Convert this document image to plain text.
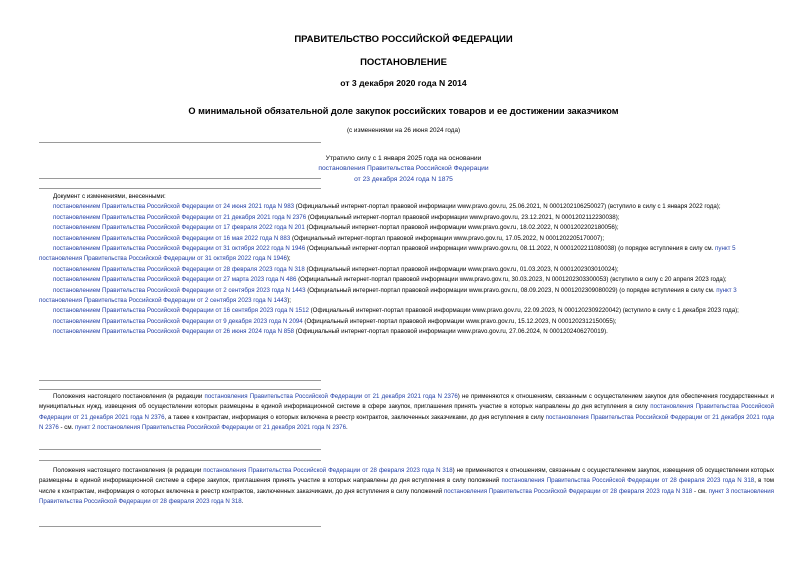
ПРАВИТЕЛЬСТВО РОССИЙСКОЙ ФЕДЕРАЦИИ
ПОСТАНОВЛЕНИЕ
от 3 декабря 2020 года N 2014
О минимальной обязательной доле закупок российских товаров и ее достижении заказчиком
(с изменениями на 26 июня 2024 года)
Утратило силу с 1 января 2025 года на основании
постановления Правительства Российской Федерации
от 23 декабря 2024 года N 1875

Документ с изменениями, внесенными:

постановлением Правительства Российской Федерации от 24 июня 2021 года N 983 (Официальный интернет-портал правовой информации www.pravo.gov.ru, 25.06.2021, N 0001202106250027) (вступило в силу с 1 января 2022 года);

постановлением Правительства Российской Федерации от 21 декабря 2021 года N 2376 (Официальный интернет-портал правовой информации www.pravo.gov.ru, 23.12.2021, N 0001202112230038);

постановлением Правительства Российской Федерации от 17 февраля 2022 года N 201 (Официальный интернет-портал правовой информации www.pravo.gov.ru, 18.02.2022, N 0001202202180056);

постановлением Правительства Российской Федерации от 16 мая 2022 года N 883 (Официальный интернет-портал правовой информации www.pravo.gov.ru, 17.05.2022, N 0001202205170007);

постановлением Правительства Российской Федерации от 31 октября 2022 года N 1946 (Официальный интернет-портал правовой информации www.pravo.gov.ru, 08.11.2022, N 0001202211080038) (о порядке вступления в силу см. пункт 5 постановления Правительства Российской Федерации от 31 октября 2022 года N 1946);

постановлением Правительства Российской Федерации от 28 февраля 2023 года N 318 (Официальный интернет-портал правовой информации www.pravo.gov.ru, 01.03.2023, N 0001202303010024);

постановлением Правительства Российской Федерации от 27 марта 2023 года N 486 (Официальный интернет-портал правовой информации www.pravo.gov.ru, 30.03.2023, N 0001202303300053) (вступило в силу с 20 апреля 2023 года);

постановлением Правительства Российской Федерации от 2 сентября 2023 года N 1443 (Официальный интернет-портал правовой информации www.pravo.gov.ru, 08.09.2023, N 0001202309080029) (о порядке вступления в силу см. пункт 3 постановления Правительства Российской Федерации от 2 сентября 2023 года N 1443);

постановлением Правительства Российской Федерации от 16 сентября 2023 года N 1512 (Официальный интернет-портал правовой информации www.pravo.gov.ru, 22.09.2023, N 0001202309220042) (вступило в силу с 1 декабря 2023 года);

постановлением Правительства Российской Федерации от 9 декабря 2023 года N 2094 (Официальный интернет-портал правовой информации www.pravo.gov.ru, 15.12.2023, N 0001202312150055);

постановлением Правительства Российской Федерации от 26 июня 2024 года N 858 (Официальный интернет-портал правовой информации www.pravo.gov.ru, 27.06.2024, N 0001202406270019).

Положения настоящего постановления (в редакции постановления Правительства Российской Федерации от 21 декабря 2021 года N 2376) не применяются к отношениям, связанным с осуществлением закупок для обеспечения государственных и муниципальных нужд, извещения об осуществлении которых размещены в единой информационной системе в сфере закупок, приглашения принять участие в которых направлены до дня вступления в силу постановления Правительства Российской Федерации от 21 декабря 2021 года N 2376, а также к контрактам, информация о которых включена в реестр контрактов, заключенных заказчиками, до дня вступления в силу постановления Правительства Российской Федерации от 21 декабря 2021 года N 2376 - см. пункт 2 постановления Правительства Российской Федерации от 21 декабря 2021 года N 2376.

Положения настоящего постановления (в редакции постановления Правительства Российской Федерации от 28 февраля 2023 года N 318) не применяются к отношениям, связанным с осуществлением закупок, извещения об осуществлении которых размещены в единой информационной системе в сфере закупок, приглашения принять участие в которых направлены до дня вступления в силу положений постановления Правительства Российской Федерации от 28 февраля 2023 года N 318, в том числе к контрактам, информация о которых включена в реестр контрактов, заключенных заказчиками, до дня вступления в силу положений постановления Правительства Российской Федерации от 28 февраля 2023 года N 318 - см. пункт 3 постановления Правительства Российской Федерации от 28 февраля 2023 года N 318.
